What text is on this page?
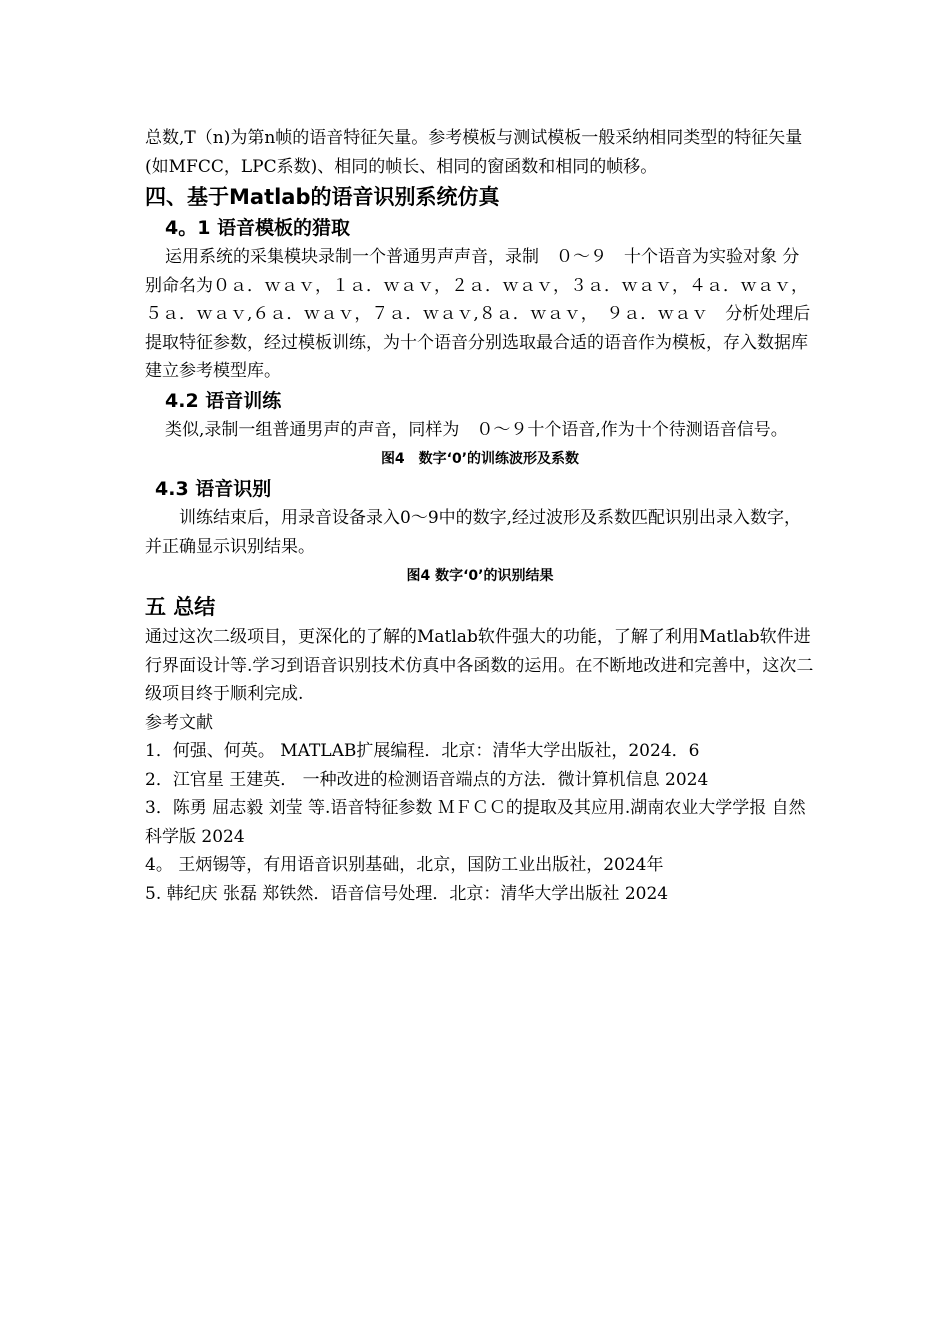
总数,T（n)为第n帧的语音特征矢量。参考模板与测试模板一般采纳相同类型的特征矢量(如MFCC，LPC系数)、相同的帧长、相同的窗函数和相同的帧移。

四、基于Matlab的语音识别系统仿真
4。1 语音模板的猎取

运用系统的采集模块录制一个普通男声声音，录制　０～９　十个语音为实验对象 分别命名为０ａ．ｗａｖ，１ａ．ｗａｖ，２ａ．ｗａｖ，３ａ．ｗａｖ，４ａ．ｗａｖ，５ａ．ｗａｖ,６ａ．ｗａｖ，７ａ．ｗａｖ,８ａ．ｗａｖ，　９ａ．ｗａｖ　分析处理后提取特征参数，经过模板训练，为十个语音分别选取最合适的语音作为模板，存入数据库建立参考模型库。

4.2 语音训练

类似,录制一组普通男声的声音，同样为　０～９十个语音,作为十个待测语音信号。

图4　数字‘0’的训练波形及系数

4.3 语音识别

训练结束后，用录音设备录入0～9中的数字,经过波形及系数匹配识别出录入数字，并正确显示识别结果。

图4 数字‘0’的识别结果

五 总结

通过这次二级项目，更深化的了解的Matlab软件强大的功能，了解了利用Matlab软件进行界面设计等.学习到语音识别技术仿真中各函数的运用。在不断地改进和完善中，这次二级项目终于顺利完成.

参考文献

1．何强、何英。 MATLAB扩展编程．北京：清华大学出版社，2024．6
2．江官星 王建英． 一种改进的检测语音端点的方法．微计算机信息 2024
3．陈勇 屈志毅 刘莹 等.语音特征参数 ＭＦＣＣ的提取及其应用.湖南农业大学学报 自然科学版 2024
4。 王炳锡等，有用语音识别基础，北京，国防工业出版社，2024年
5. 韩纪庆 张磊 郑铁然．语音信号处理．北京：清华大学出版社 2024
